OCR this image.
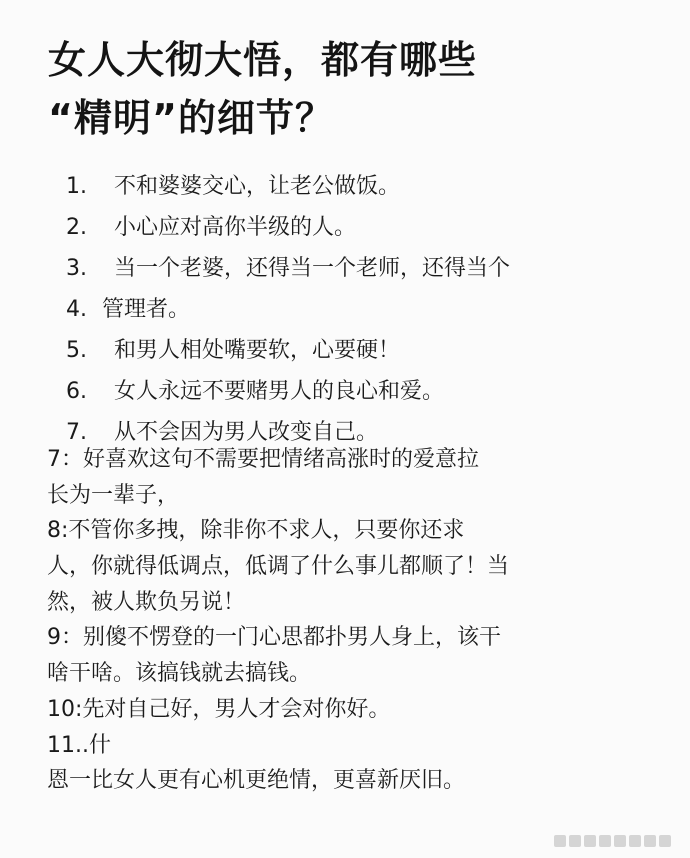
女人大彻大悟，都有哪些
“精明”的细节？
1.	不和婆婆交心，让老公做饭。
2.	小心应对高你半级的人。
3.	当一个老婆，还得当一个老师，还得当个
4. 管理者。
5.	和男人相处嘴要软，心要硬！
6.	女人永远不要赌男人的良心和爱。
7.	从不会因为男人改变自己。
7：好喜欢这句不需要把情绪高涨时的爱意拉
长为一辈子，
8:不管你多拽，除非你不求人，只要你还求
人，你就得低调点，低调了什么事儿都顺了！当
然，被人欺负另说！
9：别傻不愣登的一门心思都扑男人身上，该干
啥干啥。该搞钱就去搞钱。
10:先对自己好，男人才会对你好。
11..什
恩一比女人更有心机更绝情，更喜新厌旧。
